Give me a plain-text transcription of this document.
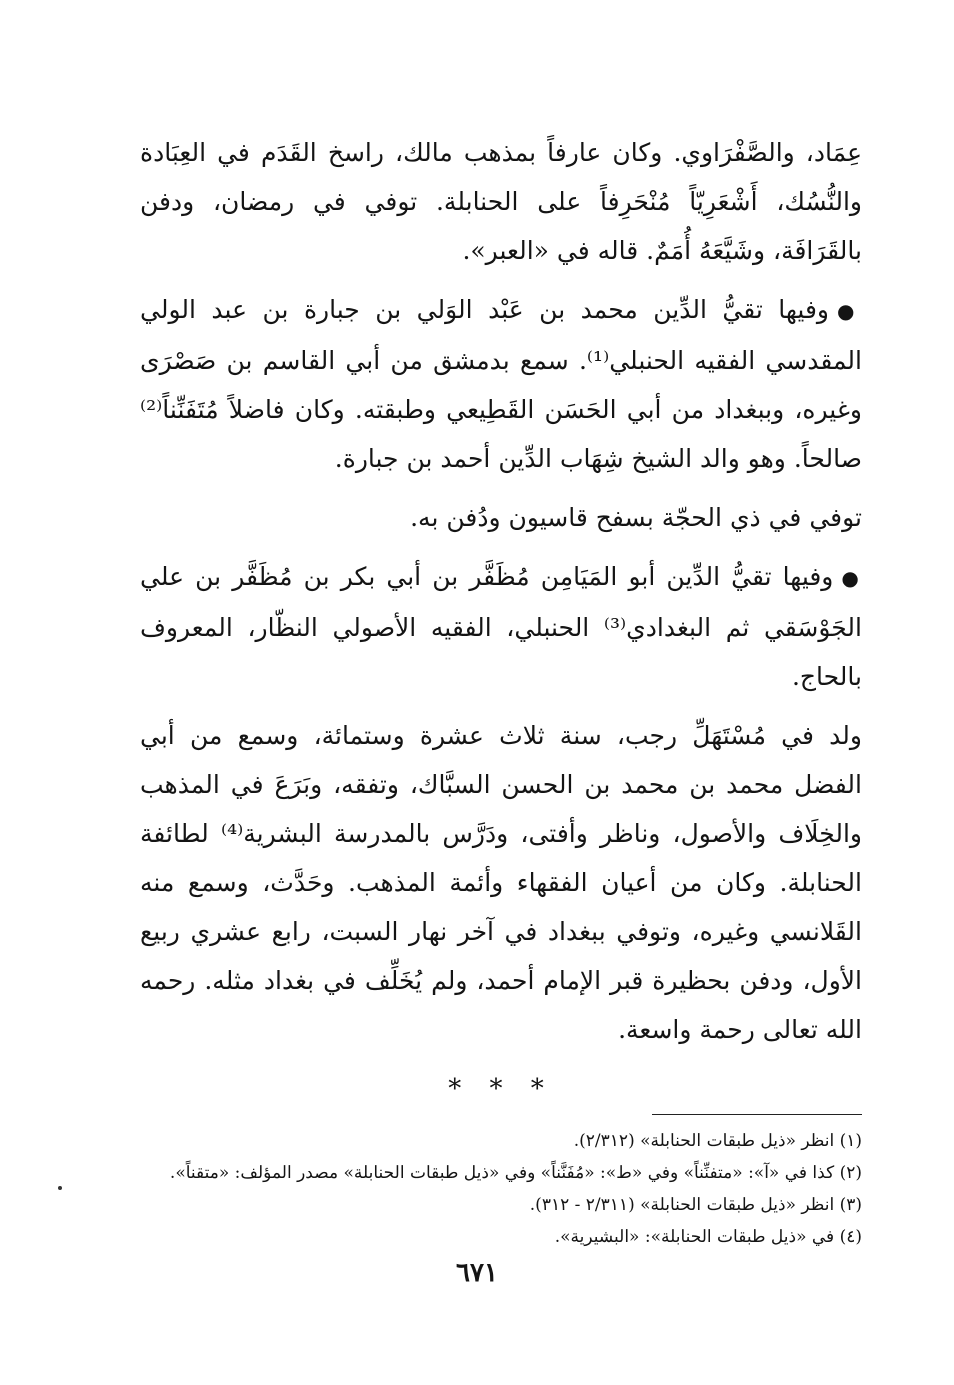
عِمَاد، والصَّفْرَاوي. وكان عارفاً بمذهب مالك، راسخ القَدَم في العِبَادة والنُّسُك، أَشْعَرِيّاً مُنْحَرِفاً على الحنابلة. توفي في رمضان، ودفن بالقَرَافَة، وشَيَّعَهُ أُمَمٌ. قاله في «العبر».

●وفيها تقيُّ الدِّين محمد بن عَبْد الوَلي بن جبارة بن عبد الولي المقدسي الفقيه الحنبلي⁽¹⁾. سمع بدمشق من أبي القاسم بن صَصْرَى وغيره، وببغداد من أبي الحَسَن القَطِيعي وطبقته. وكان فاضلاً مُتَفَنِّناً⁽²⁾ صالحاً. وهو والد الشيخ شِهَاب الدِّين أحمد بن جبارة.

توفي في ذي الحجّة بسفح قاسيون ودُفن به.

●وفيها تقيُّ الدِّين أبو المَيَامِن مُظَفَّر بن أبي بكر بن مُظَفَّر بن علي الجَوْسَقي ثم البغدادي⁽³⁾ الحنبلي، الفقيه الأصولي النظّار، المعروف بالحاج.

ولد في مُسْتَهَلِّ رجب، سنة ثلاث عشرة وستمائة، وسمع من أبي الفضل محمد بن محمد بن الحسن السبَّاك، وتفقه، وبَرَعَ في المذهب والخِلَاف والأصول، وناظر وأفتى، ودَرَّس بالمدرسة البشرية⁽⁴⁾ لطائفة الحنابلة. وكان من أعيان الفقهاء وأئمة المذهب. وحَدَّث، وسمع منه القَلانسي وغيره، وتوفي ببغداد في آخر نهار السبت، رابع عشري ربيع الأول، ودفن بحظيرة قبر الإمام أحمد، ولم يُخَلِّف في بغداد مثله. رحمه الله تعالى رحمة واسعة.

* * *

(١) انظر «ذيل طبقات الحنابلة» (٢/٣١٢).

(٢) كذا في «آ»: «متفنِّناً» وفي «ط»: «مُفَنَّناً» وفي «ذيل طبقات الحنابلة» مصدر المؤلف: «متقناً».

(٣) انظر «ذيل طبقات الحنابلة» (٢/٣١١ - ٣١٢).

(٤) في «ذيل طبقات الحنابلة»: «البشيرية».

٦٧١
